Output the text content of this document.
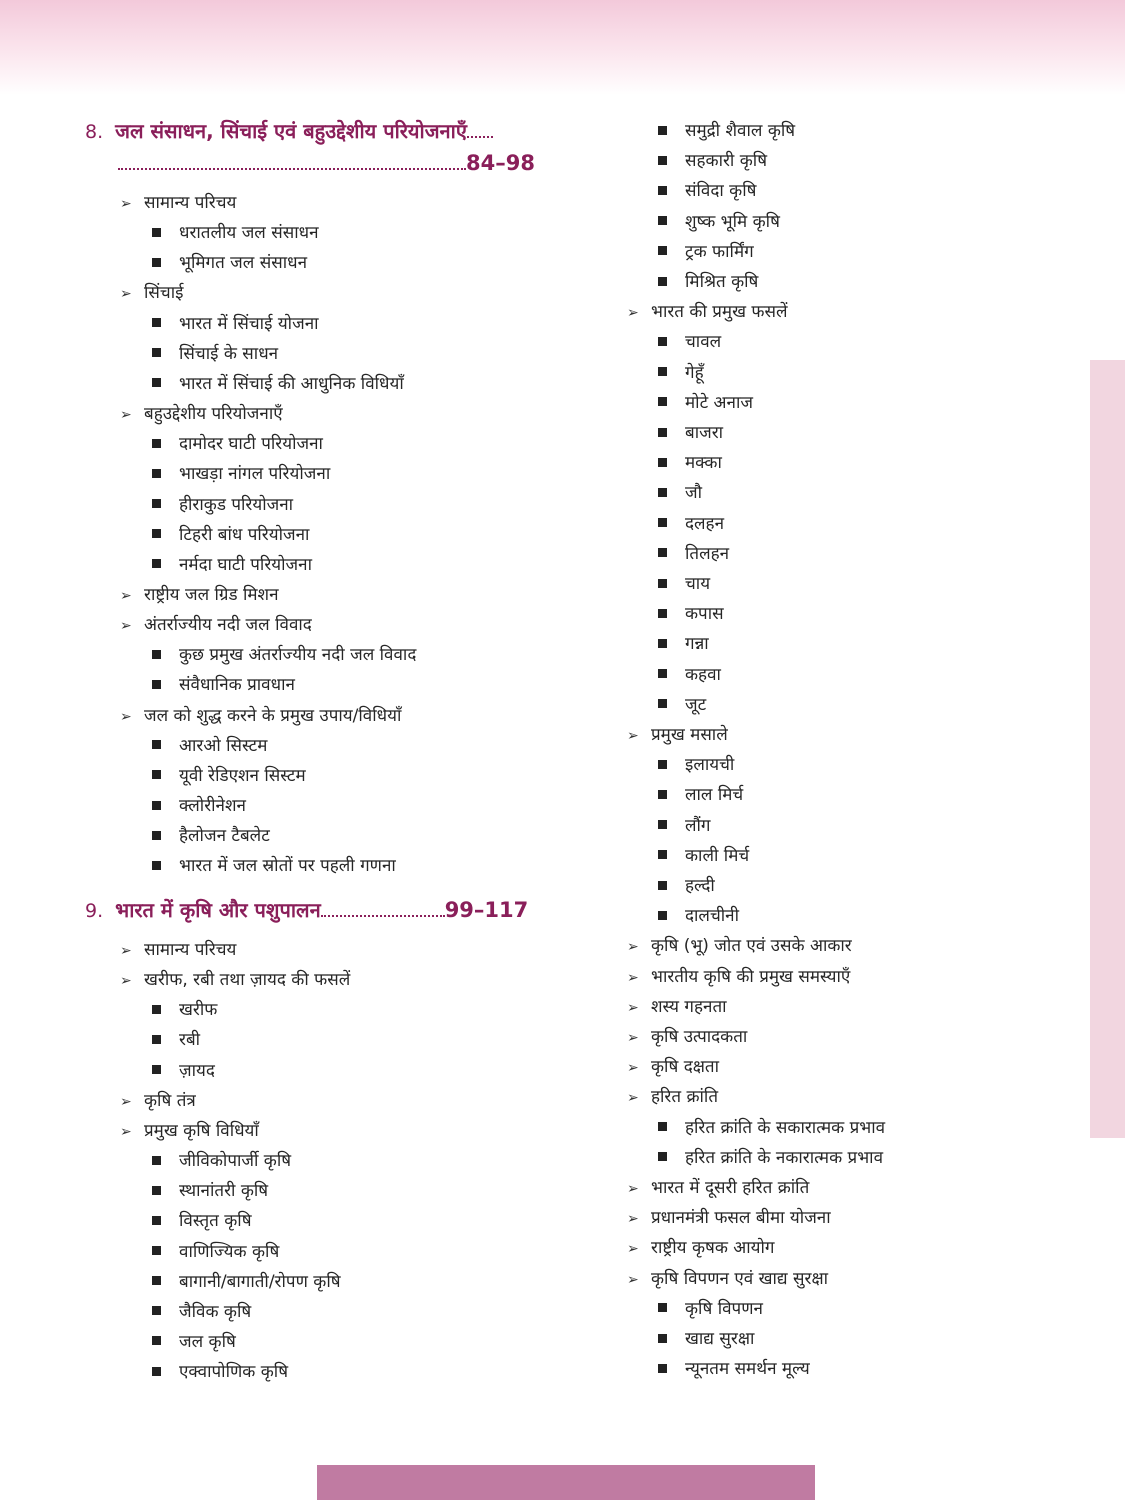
8. जल संसाधन, सिंचाई एवं बहुउद्देशीय परियोजनाएँ
84–98
➢ सामान्य परिचय
धरातलीय जल संसाधन
भूमिगत जल संसाधन
➢ सिंचाई
भारत में सिंचाई योजना
सिंचाई के साधन
भारत में सिंचाई की आधुनिक विधियाँ
➢ बहुउद्देशीय परियोजनाएँ
दामोदर घाटी परियोजना
भाखड़ा नांगल परियोजना
हीराकुड परियोजना
टिहरी बांध परियोजना
नर्मदा घाटी परियोजना
➢ राष्ट्रीय जल ग्रिड मिशन
➢ अंतर्राज्यीय नदी जल विवाद
कुछ प्रमुख अंतर्राज्यीय नदी जल विवाद
संवैधानिक प्रावधान
➢ जल को शुद्ध करने के प्रमुख उपाय/विधियाँ
आरओ सिस्टम
यूवी रेडिएशन सिस्टम
क्लोरीनेशन
हैलोजन टैबलेट
भारत में जल स्रोतों पर पहली गणना
9. भारत में कृषि और पशुपालन	99–117
➢ सामान्य परिचय
➢ खरीफ, रबी तथा ज़ायद की फसलें
खरीफ
रबी
ज़ायद
➢ कृषि तंत्र
➢ प्रमुख कृषि विधियाँ
जीविकोपार्जी कृषि
स्थानांतरी कृषि
विस्तृत कृषि
वाणिज्यिक कृषि
बागानी/बागाती/रोपण कृषि
जैविक कृषि
जल कृषि
एक्वापोणिक कृषि
समुद्री शैवाल कृषि
सहकारी कृषि
संविदा कृषि
शुष्क भूमि कृषि
ट्रक फार्मिंग
मिश्रित कृषि
➢ भारत की प्रमुख फसलें
चावल
गेहूँ
मोटे अनाज
बाजरा
मक्का
जौ
दलहन
तिलहन
चाय
कपास
गन्ना
कहवा
जूट
➢ प्रमुख मसाले
इलायची
लाल मिर्च
लौंग
काली मिर्च
हल्दी
दालचीनी
➢ कृषि (भू) जोत एवं उसके आकार
➢ भारतीय कृषि की प्रमुख समस्याएँ
➢ शस्य गहनता
➢ कृषि उत्पादकता
➢ कृषि दक्षता
➢ हरित क्रांति
हरित क्रांति के सकारात्मक प्रभाव
हरित क्रांति के नकारात्मक प्रभाव
➢ भारत में दूसरी हरित क्रांति
➢ प्रधानमंत्री फसल बीमा योजना
➢ राष्ट्रीय कृषक आयोग
➢ कृषि विपणन एवं खाद्य सुरक्षा
कृषि विपणन
खाद्य सुरक्षा
न्यूनतम समर्थन मूल्य
